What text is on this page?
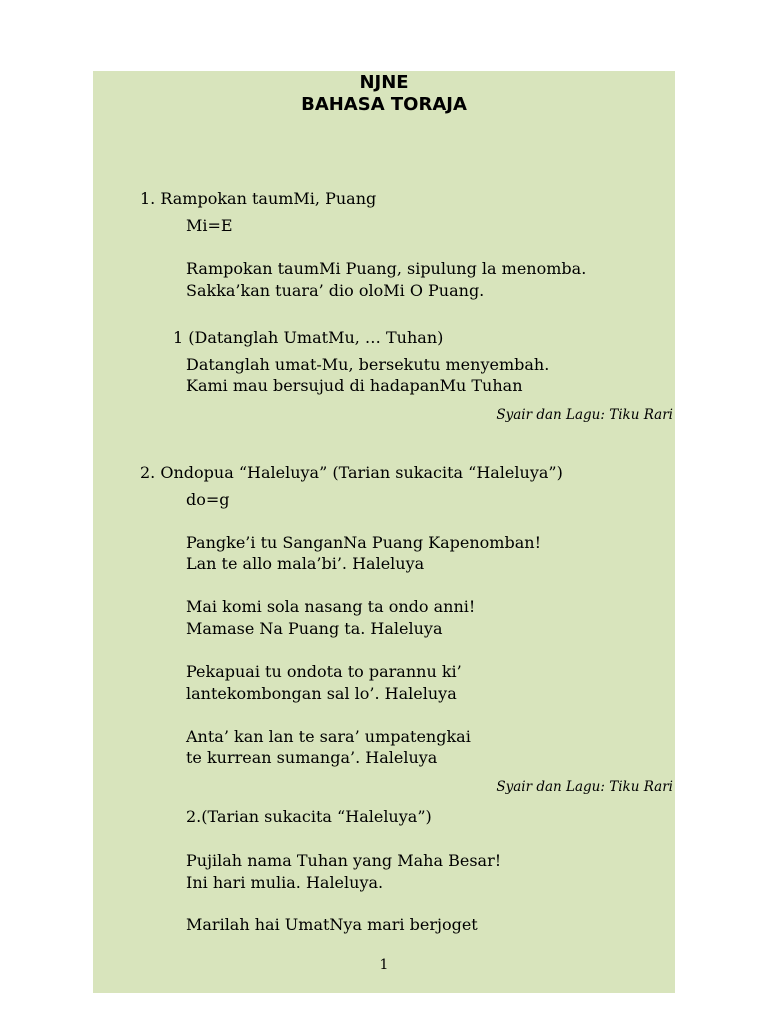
NJNE
BAHASA TORAJA
1. Rampokan taumMi, Puang
Mi=E
Rampokan taumMi Puang, sipulung la menomba.
Sakka’kan tuara’ dio oloMi O Puang.
1 (Datanglah UmatMu, … Tuhan)
Datanglah umat-Mu, bersekutu menyembah.
Kami mau bersujud di hadapanMu Tuhan
Syair dan Lagu: Tiku Rari
2. Ondopua “Haleluya” (Tarian sukacita “Haleluya”)
do=g
Pangke’i tu SanganNa Puang Kapenomban!
Lan te allo mala’bi’. Haleluya
Mai komi sola nasang ta ondo anni!
Mamase Na Puang ta. Haleluya
Pekapuai tu ondota to parannu ki’
lantekombongan sal lo’. Haleluya
Anta’ kan lan te sara’ umpatengkai
te kurrean sumanga’. Haleluya
Syair dan Lagu: Tiku Rari
2.(Tarian sukacita “Haleluya”)
Pujilah nama Tuhan yang Maha Besar!
Ini hari mulia. Haleluya.
Marilah hai UmatNya mari berjoget
1
